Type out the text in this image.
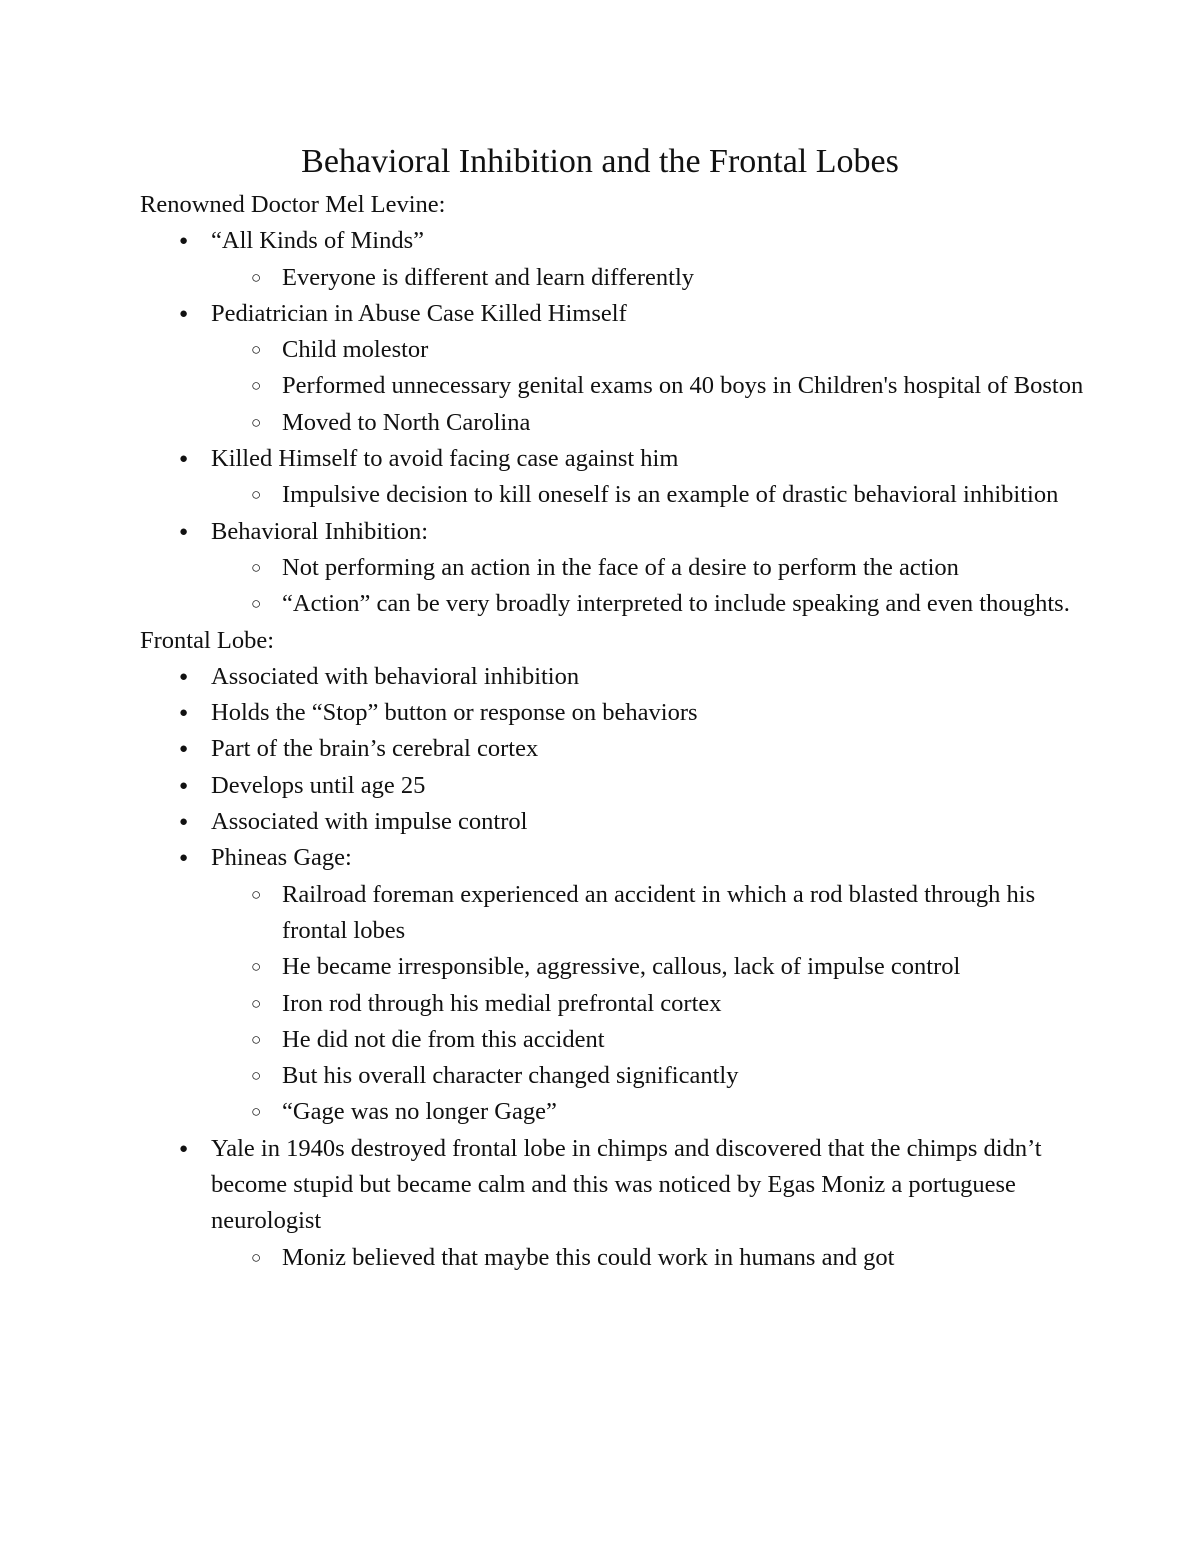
Behavioral Inhibition and the Frontal Lobes

Renowned Doctor Mel Levine:

● “All Kinds of Minds”
○ Everyone is different and learn differently
● Pediatrician in Abuse Case Killed Himself
○ Child molestor
○ Performed unnecessary genital exams on 40 boys in Children's hospital of Boston
○ Moved to North Carolina
● Killed Himself to avoid facing case against him
○ Impulsive decision to kill oneself is an example of drastic behavioral inhibition
● Behavioral Inhibition:
○ Not performing an action in the face of a desire to perform the action
○ “Action” can be very broadly interpreted to include speaking and even thoughts.

Frontal Lobe:

● Associated with behavioral inhibition
● Holds the “Stop” button or response on behaviors
● Part of the brain’s cerebral cortex
● Develops until age 25
● Associated with impulse control
● Phineas Gage:
○ Railroad foreman experienced an accident in which a rod blasted through his frontal lobes
○ He became irresponsible, aggressive, callous, lack of impulse control
○ Iron rod through his medial prefrontal cortex
○ He did not die from this accident
○ But his overall character changed significantly
○ “Gage was no longer Gage”
● Yale in 1940s destroyed frontal lobe in chimps and discovered that the chimps didn’t become stupid but became calm and this was noticed by Egas Moniz a portuguese neurologist
○ Moniz believed that maybe this could work in humans and got
